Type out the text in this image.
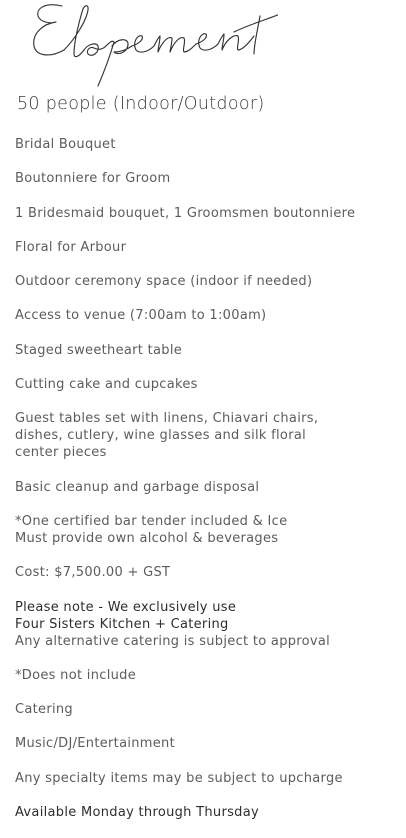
Elopement
50 people (Indoor/Outdoor)
Bridal Bouquet
Boutonniere for Groom
1 Bridesmaid bouquet, 1 Groomsmen boutonniere
Floral for Arbour
Outdoor ceremony space (indoor if needed)
Access to venue (7:00am to 1:00am)
Staged sweetheart table
Cutting cake and cupcakes
Guest tables set with linens, Chiavari chairs,
dishes, cutlery, wine glasses and silk floral
center pieces
Basic cleanup and garbage disposal
*One certified bar tender included & Ice
Must provide own alcohol & beverages
Cost: $7,500.00 + GST
Please note - We exclusively use
Four Sisters Kitchen + Catering
Any alternative catering is subject to approval
*Does not include
Catering
Music/DJ/Entertainment
Any specialty items may be subject to upcharge
Available Monday through Thursday
